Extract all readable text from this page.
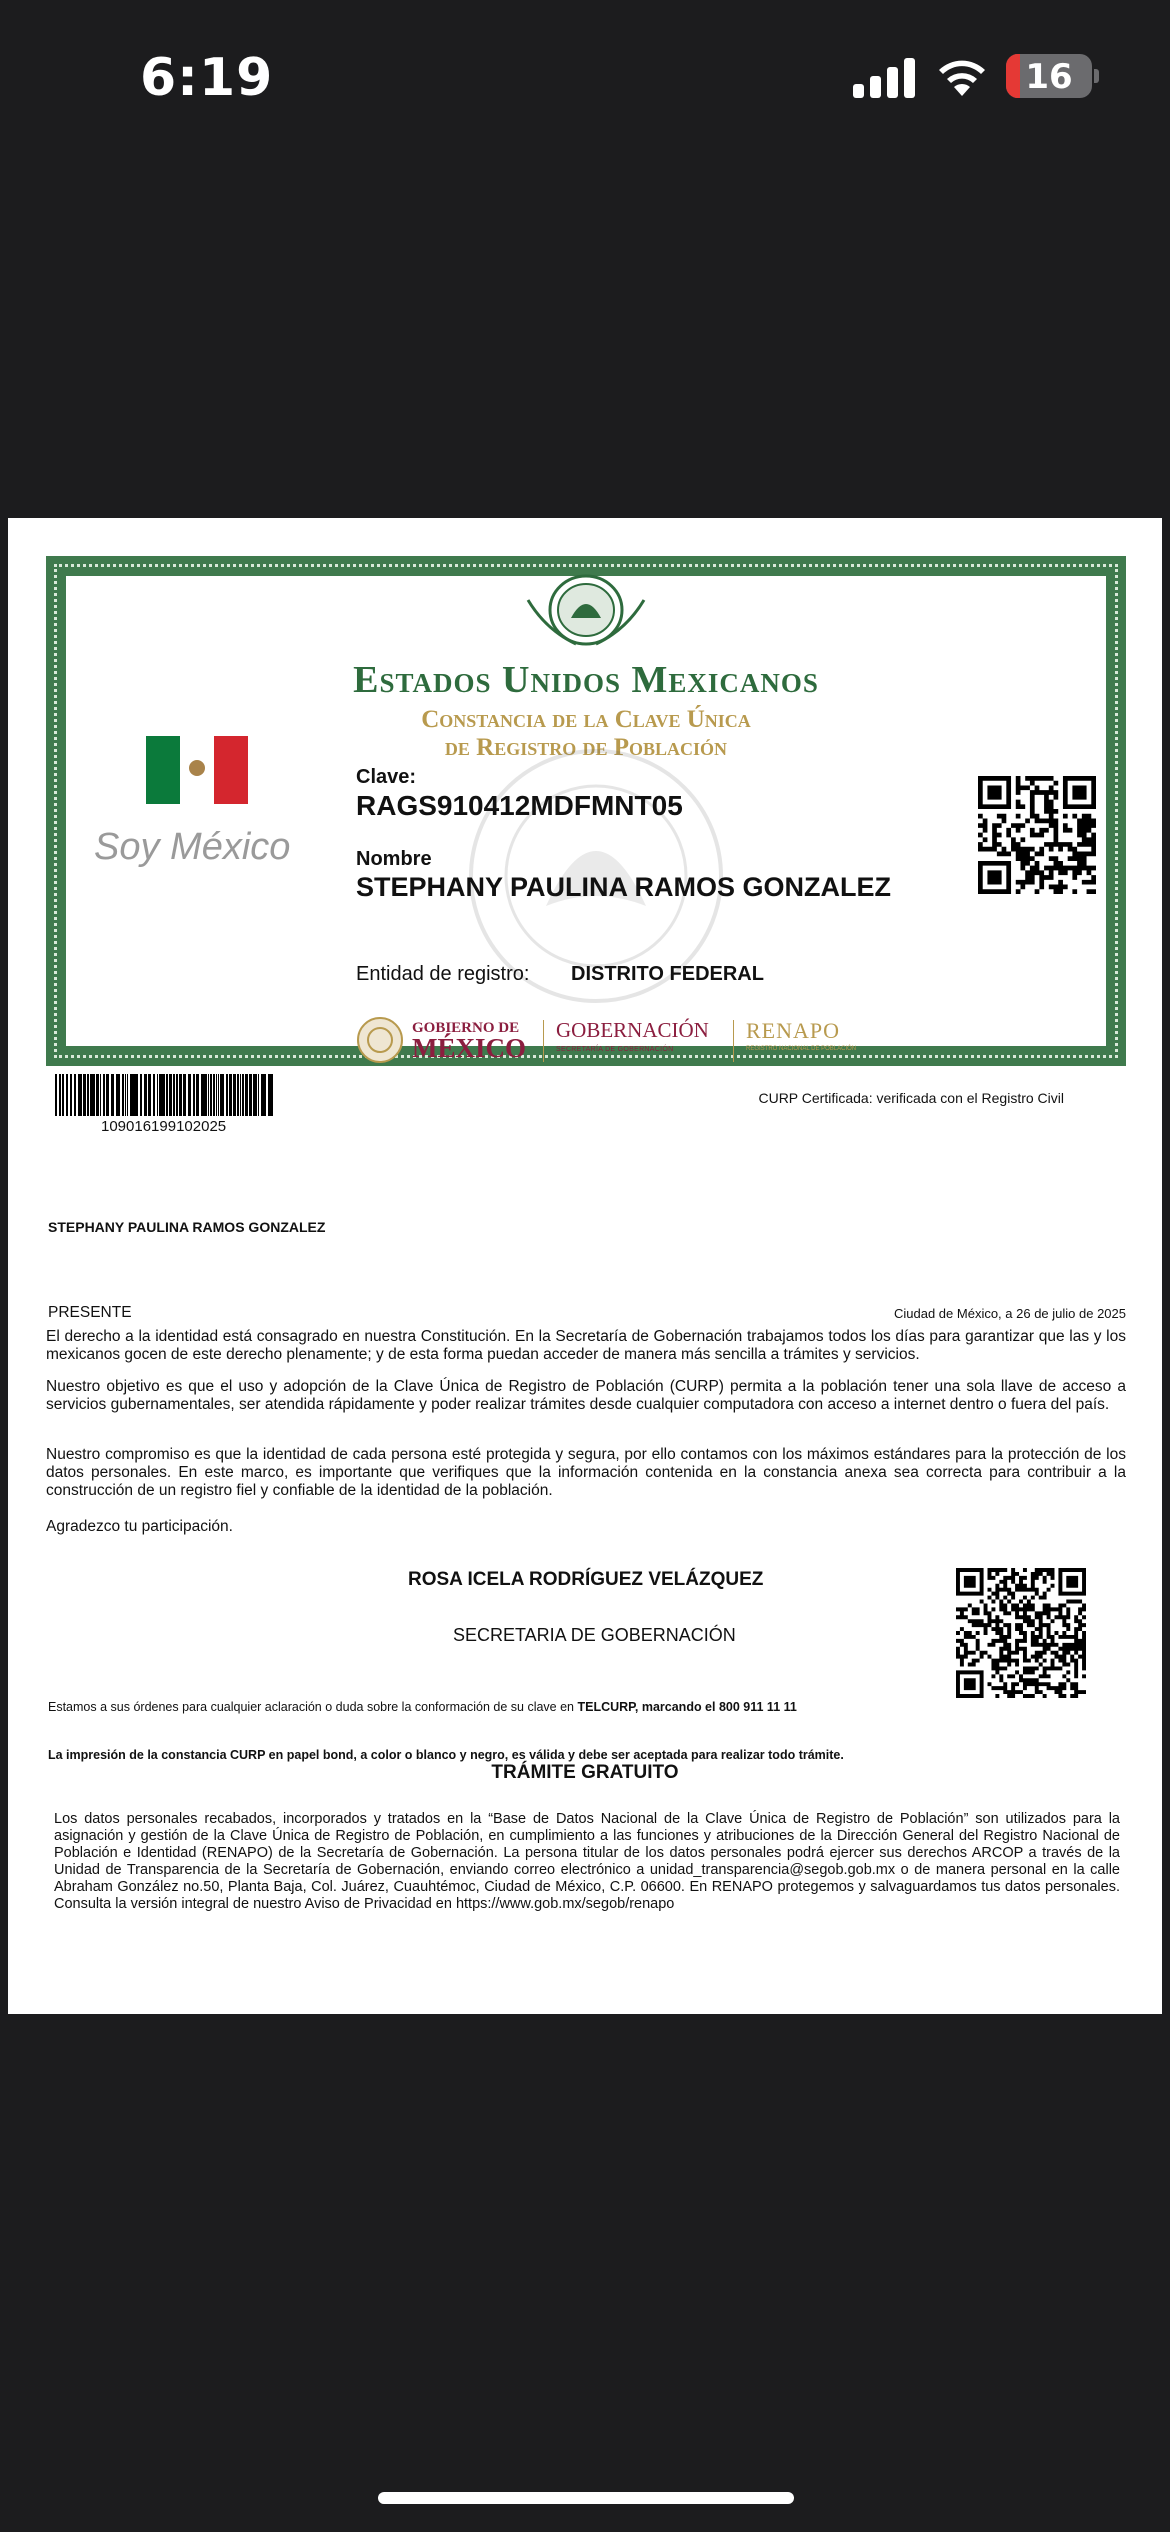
6:19	16
Estados Unidos Mexicanos
Constancia de la Clave Única
de Registro de Población
Soy México
Clave:
RAGS910412MDFMNT05
Nombre
STEPHANY PAULINA RAMOS GONZALEZ
Entidad de registro: DISTRITO FEDERAL
GOBIERNO DE
MÉXICO
GOBERNACIÓN
SECRETARÍA DE GOBERNACIÓN
RENAPO
REGISTRO NACIONAL DE POBLACIÓN
109016199102025
CURP Certificada: verificada con el Registro Civil
STEPHANY PAULINA RAMOS GONZALEZ
PRESENTE	Ciudad de México, a 26 de julio de 2025
El derecho a la identidad está consagrado en nuestra Constitución. En la Secretaría de Gobernación trabajamos todos los días para garantizar que las y los mexicanos gocen de este derecho plenamente; y de esta forma puedan acceder de manera más sencilla a trámites y servicios.
Nuestro objetivo es que el uso y adopción de la Clave Única de Registro de Población (CURP) permita a la población tener una sola llave de acceso a servicios gubernamentales, ser atendida rápidamente y poder realizar trámites desde cualquier computadora con acceso a internet dentro o fuera del país.
Nuestro compromiso es que la identidad de cada persona esté protegida y segura, por ello contamos con los máximos estándares para la protección de los datos personales. En este marco, es importante que verifiques que la información contenida en la constancia anexa sea correcta para contribuir a la construcción de un registro fiel y confiable de la identidad de la población.
Agradezco tu participación.
ROSA ICELA RODRÍGUEZ VELÁZQUEZ
SECRETARIA DE GOBERNACIÓN
Estamos a sus órdenes para cualquier aclaración o duda sobre la conformación de su clave en TELCURP, marcando el 800 911 11 11
La impresión de la constancia CURP en papel bond, a color o blanco y negro, es válida y debe ser aceptada para realizar todo trámite.
TRÁMITE GRATUITO
Los datos personales recabados, incorporados y tratados en la “Base de Datos Nacional de la Clave Única de Registro de Población” son utilizados para la asignación y gestión de la Clave Única de Registro de Población, en cumplimiento a las funciones y atribuciones de la Dirección General del Registro Nacional de Población e Identidad (RENAPO) de la Secretaría de Gobernación. La persona titular de los datos personales podrá ejercer sus derechos ARCOP a través de la Unidad de Transparencia de la Secretaría de Gobernación, enviando correo electrónico a unidad_transparencia@segob.gob.mx o de manera personal en la calle Abraham González no.50, Planta Baja, Col. Juárez, Cuauhtémoc, Ciudad de México, C.P. 06600. En RENAPO protegemos y salvaguardamos tus datos personales. Consulta la versión integral de nuestro Aviso de Privacidad en https://www.gob.mx/segob/renapo
